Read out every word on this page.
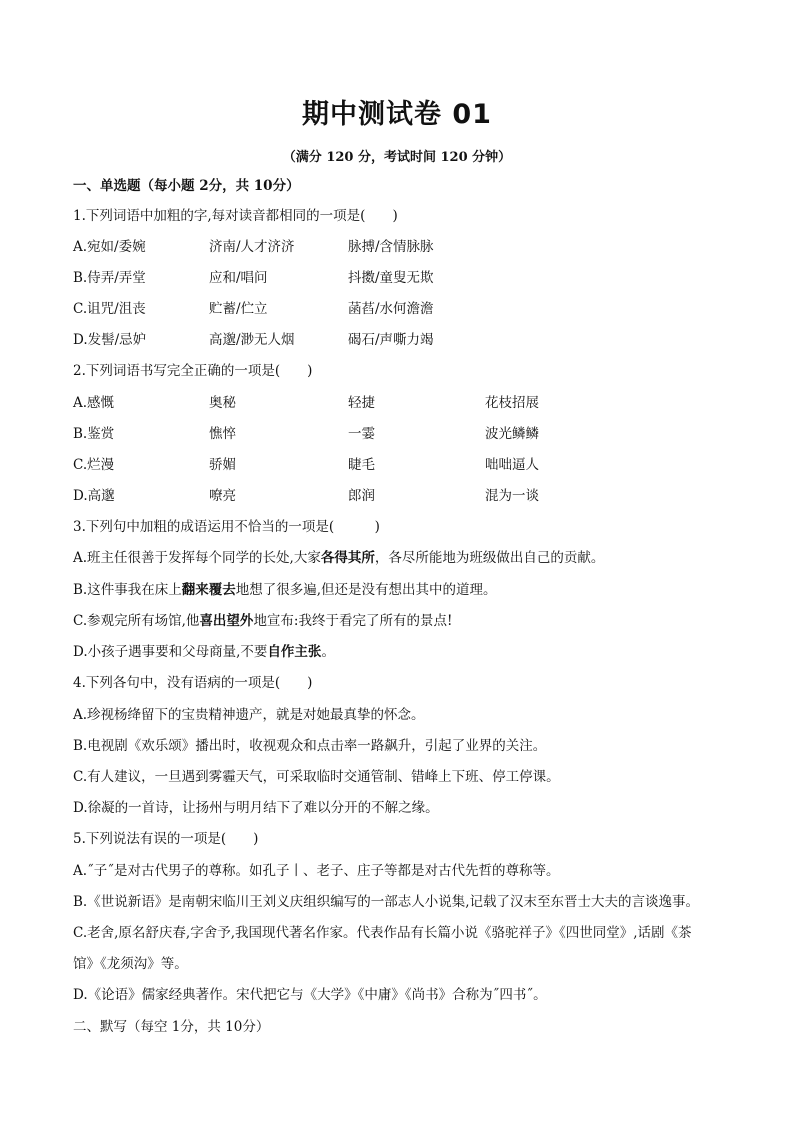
期中测试卷 01
（满分 120 分，考试时间 120 分钟）
一、单选题（每小题 2分，共 10分）
1.下列词语中加粗的字,每对读音都相同的一项是(　　)
A.宛如/委婉	济南/人才济济	脉搏/含情脉脉
B.侍弄/弄堂	应和/唱问	抖擞/童叟无欺
C.诅咒/沮丧	贮蓄/伫立	菡萏/水何澹澹
D.发髻/忌妒	高邈/渺无人烟	碣石/声嘶力竭
2.下列词语书写完全正确的一项是(　　)
A.感慨	奥秘	轻捷	花枝招展
B.鉴赏	憔悴	一霎	波光鳞鳞
C.烂漫	骄媚	睫毛	咄咄逼人
D.高邈	嘹亮	郎润	混为一谈
3.下列句中加粗的成语运用不恰当的一项是(　　　)
A.班主任很善于发挥每个同学的长处,大家各得其所，各尽所能地为班级做出自己的贡献。
B.这件事我在床上翻来覆去地想了很多遍,但还是没有想出其中的道理。
C.参观完所有场馆,他喜出望外地宣布:我终于看完了所有的景点!
D.小孩子遇事要和父母商量,不要自作主张。
4.下列各句中，没有语病的一项是(　　)
A.珍视杨绛留下的宝贵精神遗产，就是对她最真挚的怀念。
B.电视剧《欢乐颂》播出时，收视观众和点击率一路飙升，引起了业界的关注。
C.有人建议，一旦遇到雾霾天气，可采取临时交通管制、错峰上下班、停工停课。
D.徐凝的一首诗，让扬州与明月结下了难以分开的不解之缘。
5.下列说法有误的一项是(　　)
A.˝子˝是对古代男子的尊称。如孔子丨、老子、庄子等都是对古代先哲的尊称等。
B.《世说新语》是南朝宋临川王刘义庆组织编写的一部志人小说集,记载了汉末至东晋士大夫的言谈逸事。
C.老舍,原名舒庆春,字舍予,我国现代著名作家。代表作品有长篇小说《骆驼祥子》《四世同堂》,话剧《茶
馆》《龙须沟》等。
D.《论语》儒家经典著作。宋代把它与《大学》《中庸》《尚书》合称为˝四书˝。
二、默写（每空 1分，共 10分）
